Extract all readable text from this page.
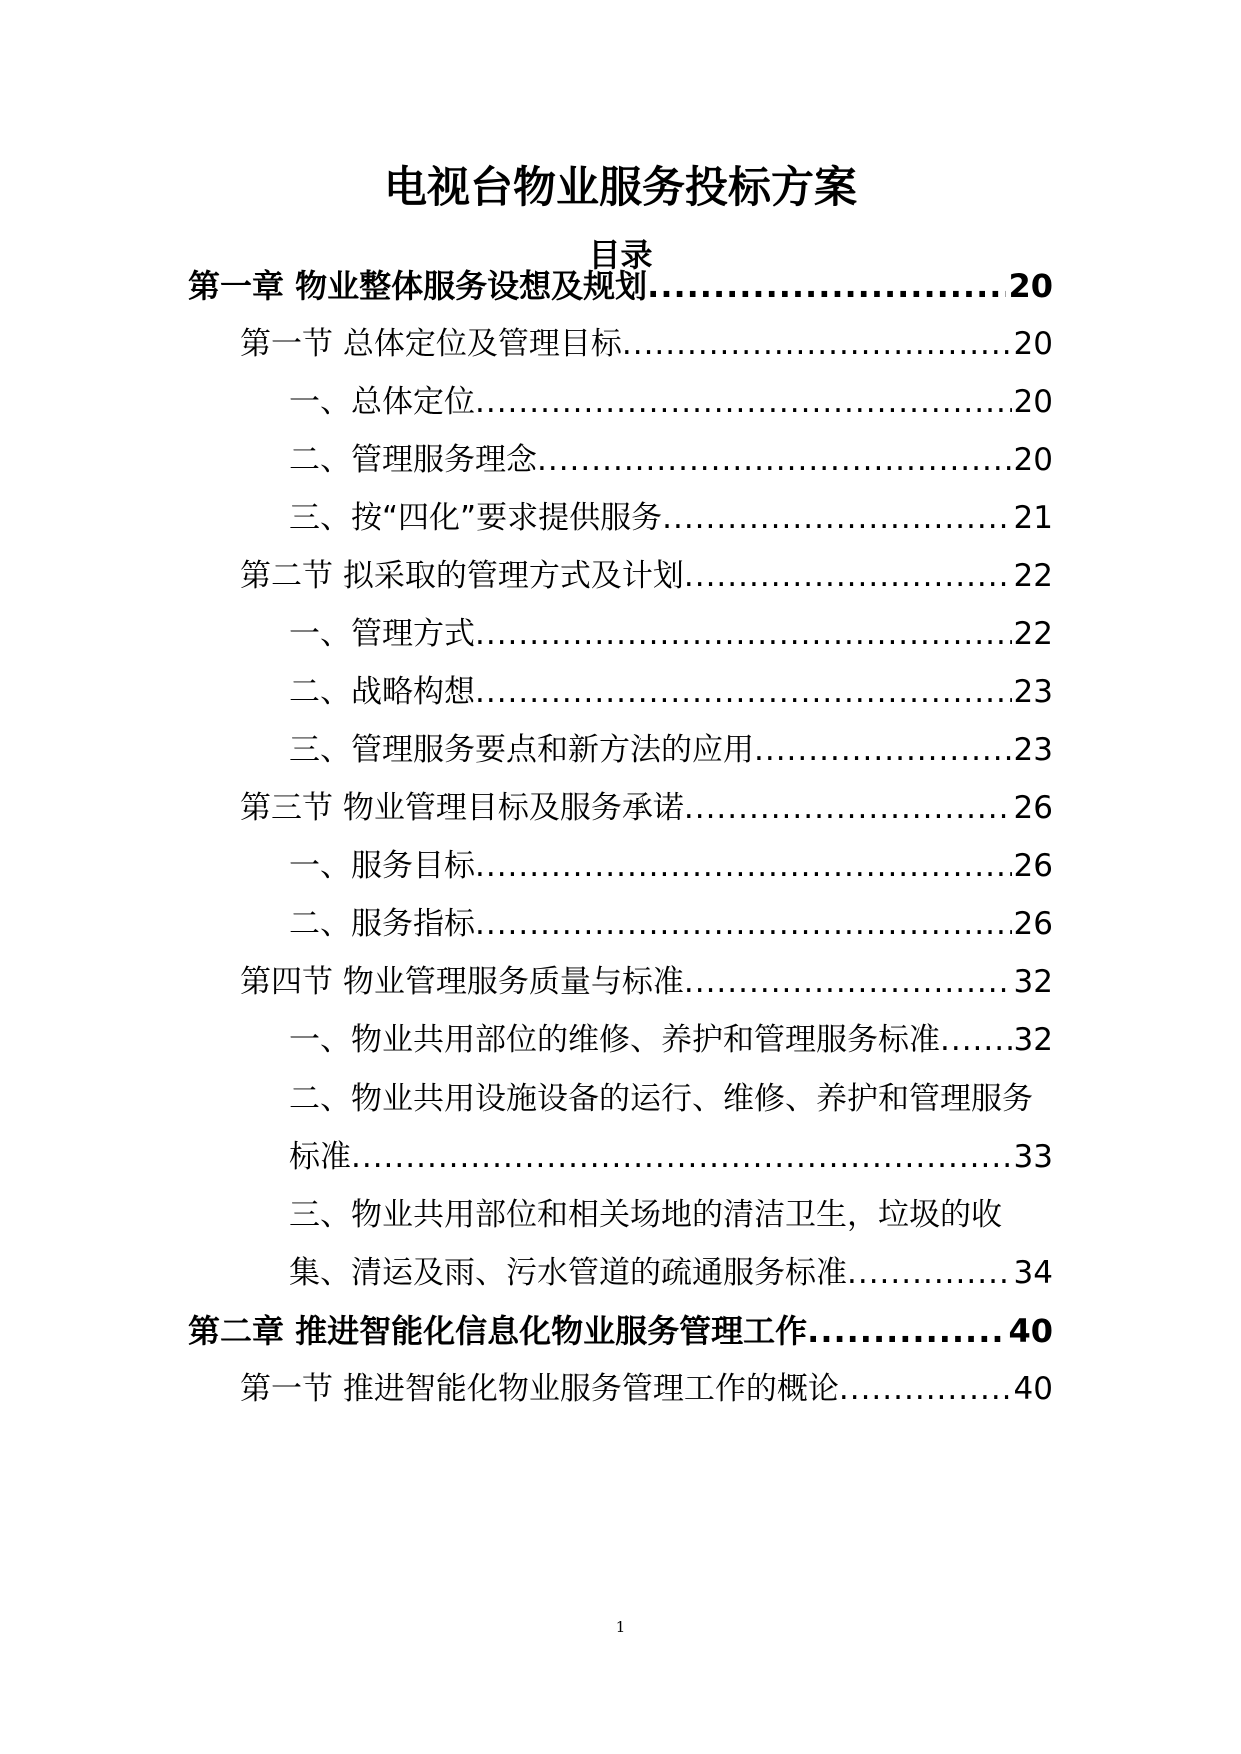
电视台物业服务投标方案
目录
第一章 物业整体服务设想及规划 .....	20
第一节 总体定位及管理目标 .....	20
一、总体定位 .....	20
二、管理服务理念 .....	20
三、按“四化”要求提供服务 .....	21
第二节 拟采取的管理方式及计划 .....	22
一、管理方式 .....	22
二、战略构想 .....	23
三、管理服务要点和新方法的应用 .....	23
第三节 物业管理目标及服务承诺 .....	26
一、服务目标 .....	26
二、服务指标 .....	26
第四节 物业管理服务质量与标准 .....	32
一、物业共用部位的维修、养护和管理服务标准 ..... 32
二、物业共用设施设备的运行、维修、养护和管理服务
标准 .....	33
三、物业共用部位和相关场地的清洁卫生，垃圾的收
集、清运及雨、污水管道的疏通服务标准 .....	34
第二章 推进智能化信息化物业服务管理工作 .....	40
第一节 推进智能化物业服务管理工作的概论 .....	40
1
